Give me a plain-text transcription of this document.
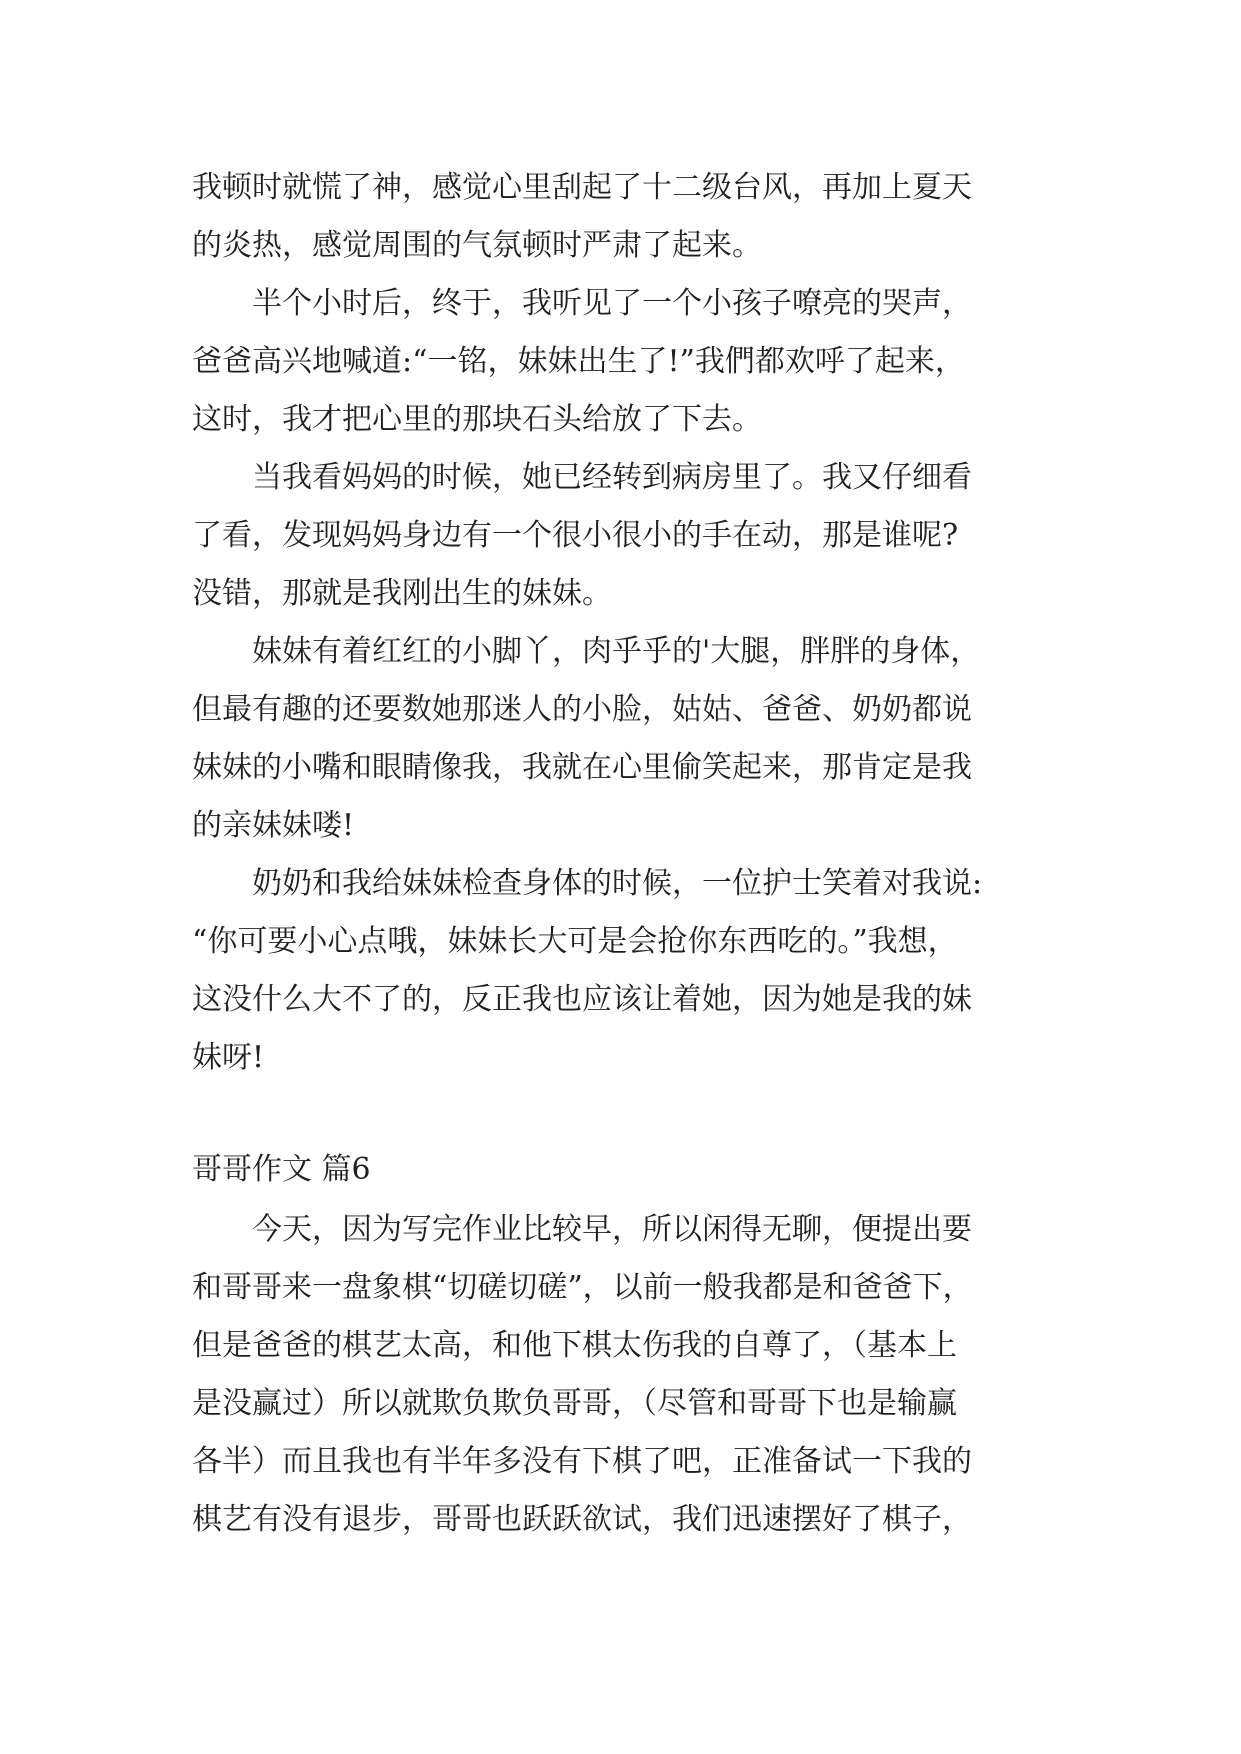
我顿时就慌了神，感觉心里刮起了十二级台风，再加上夏天
的炎热，感觉周围的气氛顿时严肃了起来。
半个小时后，终于，我听见了一个小孩子嘹亮的哭声，
爸爸高兴地喊道:“一铭，妹妹出生了!”我們都欢呼了起来，
这时，我才把心里的那块石头给放了下去。
当我看妈妈的时候，她已经转到病房里了。我又仔细看
了看，发现妈妈身边有一个很小很小的手在动，那是谁呢?
没错，那就是我刚出生的妹妹。
妹妹有着红红的小脚丫，肉乎乎的'大腿，胖胖的身体，
但最有趣的还要数她那迷人的小脸，姑姑、爸爸、奶奶都说
妹妹的小嘴和眼睛像我，我就在心里偷笑起来，那肯定是我
的亲妹妹喽!
奶奶和我给妹妹检查身体的时候，一位护士笑着对我说:
“你可要小心点哦，妹妹长大可是会抢你东西吃的。”我想，
这没什么大不了的，反正我也应该让着她，因为她是我的妹
妹呀!
哥哥作文 篇6
今天，因为写完作业比较早，所以闲得无聊，便提出要
和哥哥来一盘象棋“切磋切磋”，以前一般我都是和爸爸下，
但是爸爸的棋艺太高，和他下棋太伤我的自尊了，（基本上
是没赢过）所以就欺负欺负哥哥，（尽管和哥哥下也是输赢
各半）而且我也有半年多没有下棋了吧，正准备试一下我的
棋艺有没有退步，哥哥也跃跃欲试，我们迅速摆好了棋子，
